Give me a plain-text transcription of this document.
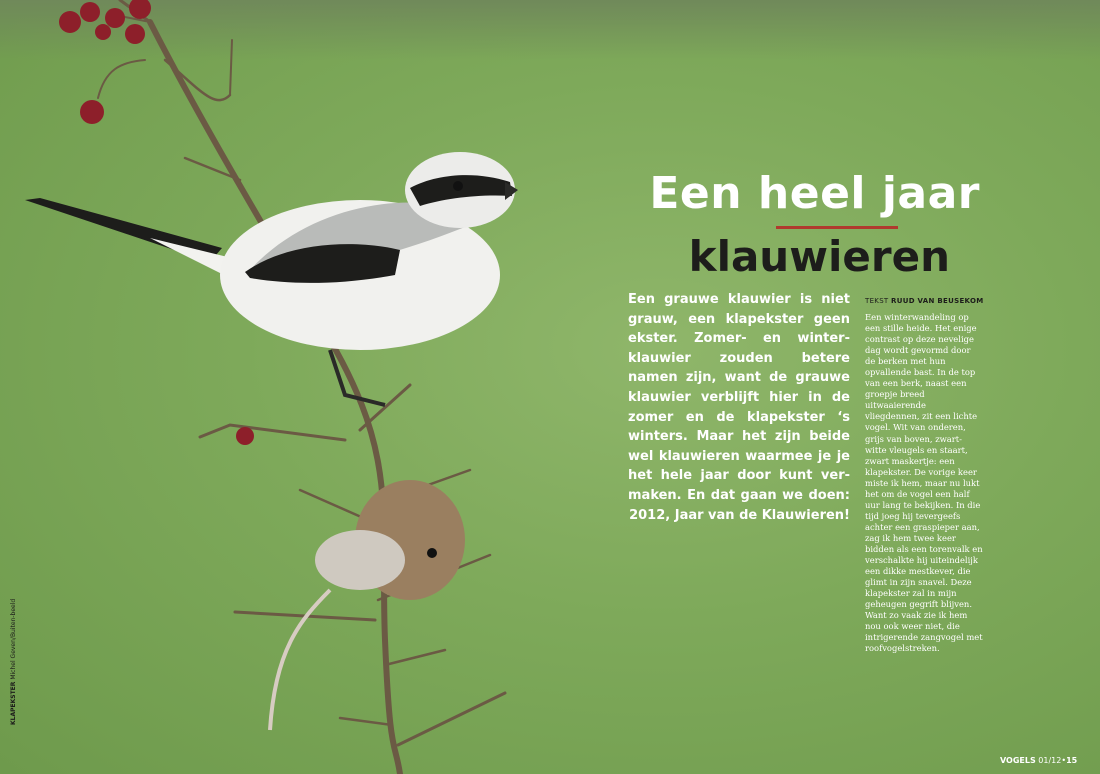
Een heel jaar
klauwieren
Een grauwe klauwier is niet grauw, een klapekster geen ekster. Zomer- en winter-klauwier zouden betere namen zijn, want de grauwe klauwier verblijft hier in de zomer en de klapekster ‘s winters. Maar het zijn beide wel klauwieren waarmee je je het hele jaar door kunt ver-maken. En dat gaan we doen: 2012, Jaar van de Klauwieren!
TEKST RUUD VAN BEUSEKOM
Een winterwandeling op een stille heide. Het enige contrast op deze nevelige dag wordt gevormd door de berken met hun opvallende bast. In de top van een berk, naast een groepje breed uitwaaierende vliegdennen, zit een lichte vogel. Wit van onderen, grijs van boven, zwart-witte vleugels en staart, zwart maskertje: een klapekster. De vorige keer miste ik hem, maar nu lukt het om de vogel een half uur lang te bekijken. In die tijd joeg hij tevergeefs achter een graspieper aan, zag ik hem twee keer bidden als een torenvalk en verschalkte hij uiteindelijk een dikke mestkever, die glimt in zijn snavel. Deze klapekster zal in mijn geheugen gegrift blijven. Want zo vaak zie ik hem nou ook weer niet, die intrigerende zangvogel met roofvogelstreken.
VOGELS 01/12•15
KLAPEKSTER Michel Geven/Buiten-beeld
